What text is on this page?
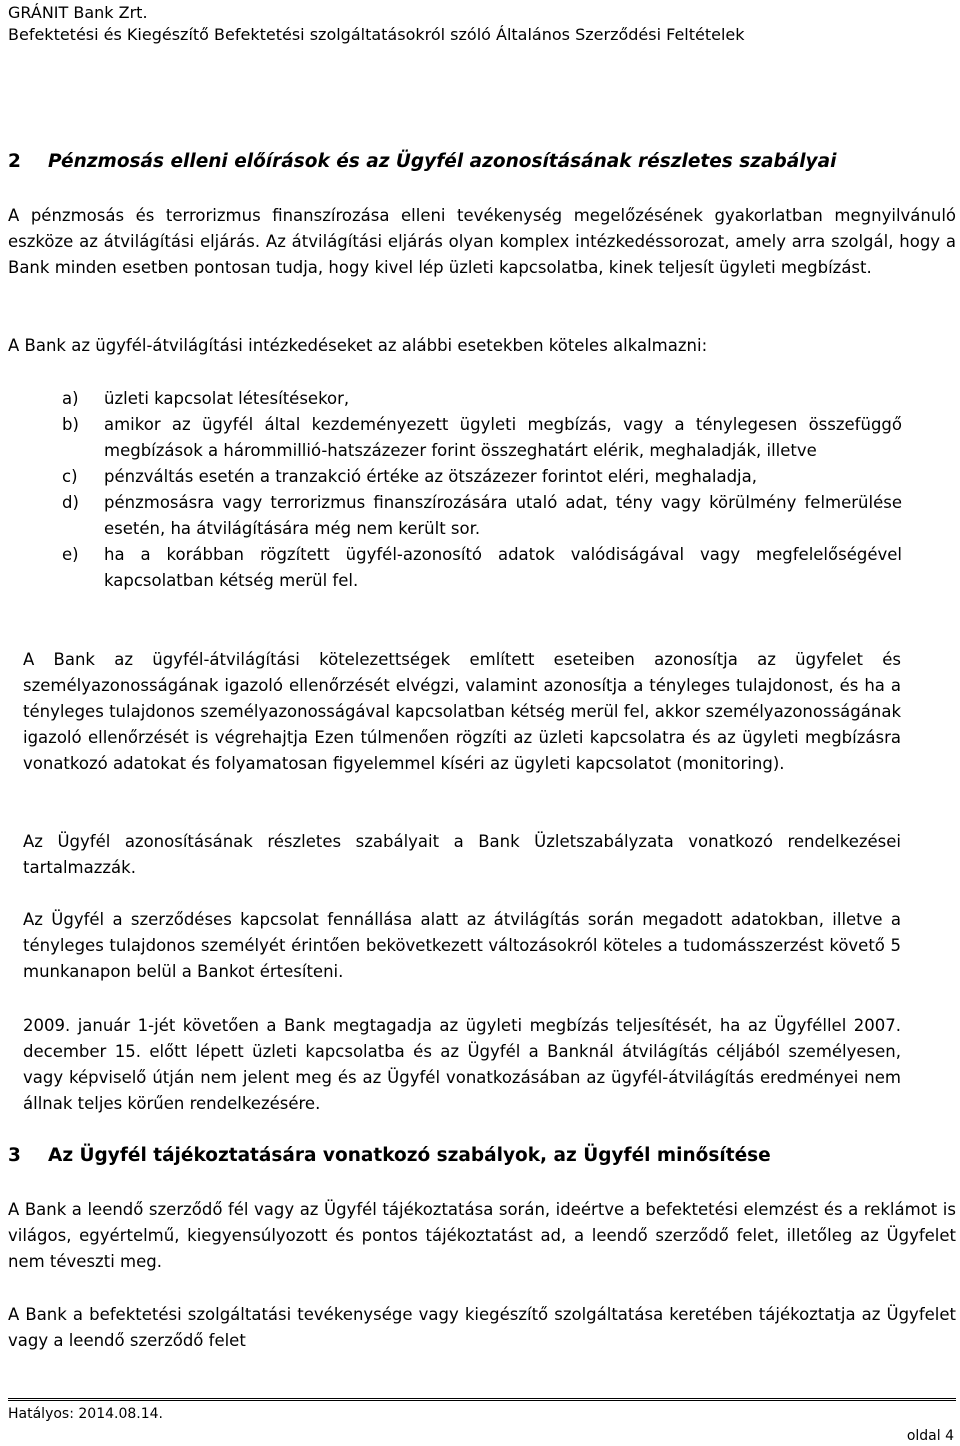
GRÁNIT Bank Zrt.
Befektetési és Kiegészítő Befektetési szolgáltatásokról szóló Általános Szerződési Feltételek
2 Pénzmosás elleni előírások és az Ügyfél azonosításának részletes szabályai

A pénzmosás és terrorizmus finanszírozása elleni tevékenység megelőzésének gyakorlatban megnyilvánuló eszköze az átvilágítási eljárás. Az átvilágítási eljárás olyan komplex intézkedéssorozat, amely arra szolgál, hogy a Bank minden esetben pontosan tudja, hogy kivel lép üzleti kapcsolatba, kinek teljesít ügyleti megbízást.

A Bank az ügyfél-átvilágítási intézkedéseket az alábbi esetekben köteles alkalmazni:

a) üzleti kapcsolat létesítésekor,
b) amikor az ügyfél által kezdeményezett ügyleti megbízás, vagy a ténylegesen összefüggő megbízások a hárommillió-hatszázezer forint összeghatárt elérik, meghaladják, illetve
c) pénzváltás esetén a tranzakció értéke az ötszázezer forintot eléri, meghaladja,
d) pénzmosásra vagy terrorizmus finanszírozására utaló adat, tény vagy körülmény felmerülése esetén, ha átvilágítására még nem került sor.
e) ha a korábban rögzített ügyfél-azonosító adatok valódiságával vagy megfelelőségével kapcsolatban kétség merül fel.

A Bank az ügyfél-átvilágítási kötelezettségek említett eseteiben azonosítja az ügyfelet és személyazonosságának igazoló ellenőrzését elvégzi, valamint azonosítja a tényleges tulajdonost, és ha a tényleges tulajdonos személyazonosságával kapcsolatban kétség merül fel, akkor személyazonosságának igazoló ellenőrzését is végrehajtja Ezen túlmenően rögzíti az üzleti kapcsolatra és az ügyleti megbízásra vonatkozó adatokat és folyamatosan figyelemmel kíséri az ügyleti kapcsolatot (monitoring).

Az Ügyfél azonosításának részletes szabályait a Bank Üzletszabályzata vonatkozó rendelkezései tartalmazzák.

Az Ügyfél a szerződéses kapcsolat fennállása alatt az átvilágítás során megadott adatokban, illetve a tényleges tulajdonos személyét érintően bekövetkezett változásokról köteles a tudomásszerzést követő 5 munkanapon belül a Bankot értesíteni.

2009. január 1-jét követően a Bank megtagadja az ügyleti megbízás teljesítését, ha az Ügyféllel 2007. december 15. előtt lépett üzleti kapcsolatba és az Ügyfél a Banknál átvilágítás céljából személyesen, vagy képviselő útján nem jelent meg és az Ügyfél vonatkozásában az ügyfél-átvilágítás eredményei nem állnak teljes körűen rendelkezésére.

3 Az Ügyfél tájékoztatására vonatkozó szabályok, az Ügyfél minősítése

A Bank a leendő szerződő fél vagy az Ügyfél tájékoztatása során, ideértve a befektetési elemzést és a reklámot is világos, egyértelmű, kiegyensúlyozott és pontos tájékoztatást ad, a leendő szerződő felet, illetőleg az Ügyfelet nem téveszti meg.

A Bank a befektetési szolgáltatási tevékenysége vagy kiegészítő szolgáltatása keretében tájékoztatja az Ügyfelet vagy a leendő szerződő felet

Hatályos: 2014.08.14.
oldal 4
